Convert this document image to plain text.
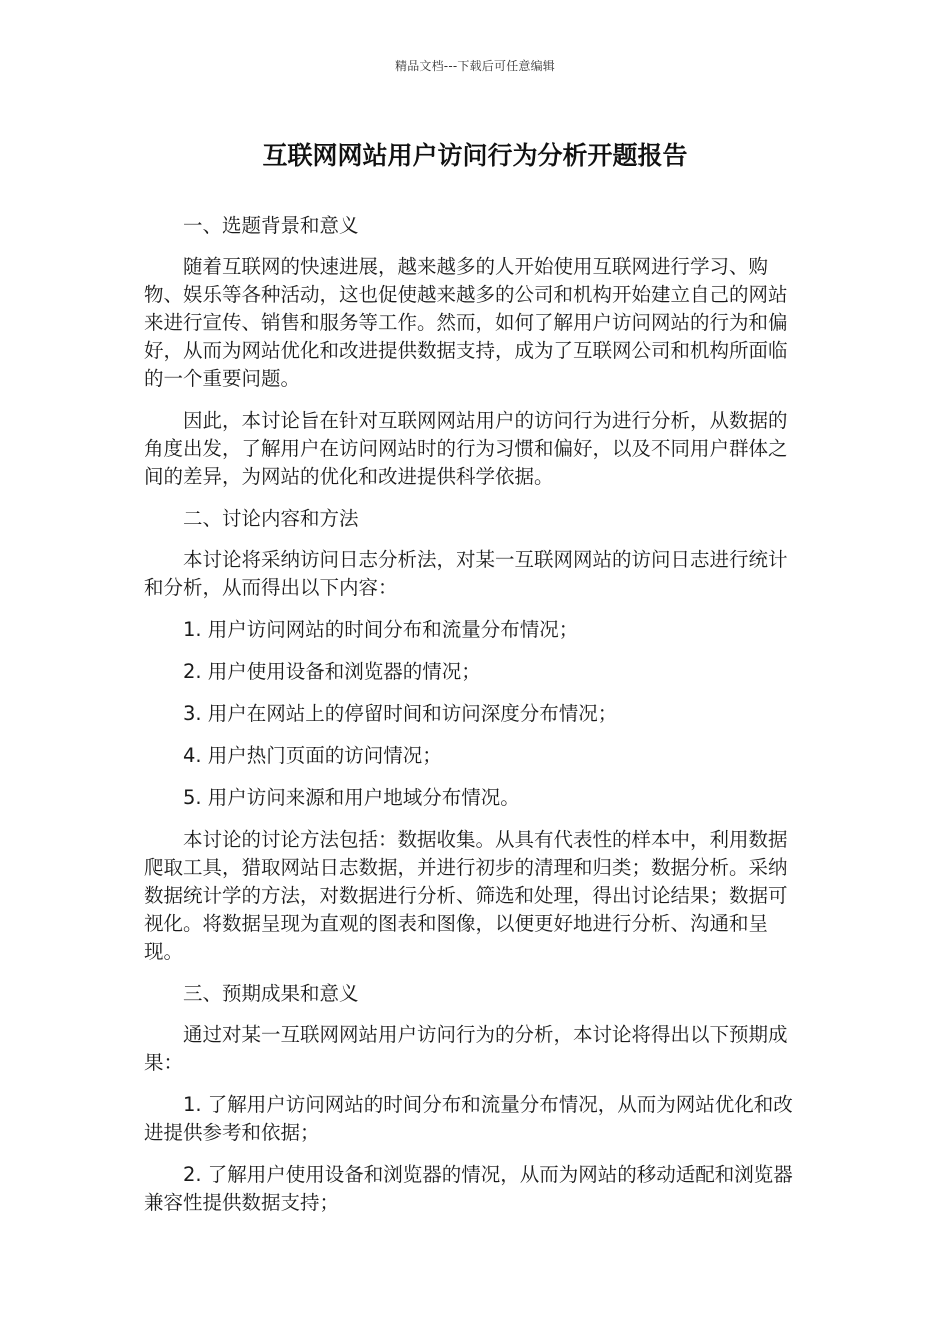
精品文档---下载后可任意编辑
互联网网站用户访问行为分析开题报告

一、选题背景和意义

随着互联网的快速进展，越来越多的人开始使用互联网进行学习、购物、娱乐等各种活动，这也促使越来越多的公司和机构开始建立自己的网站来进行宣传、销售和服务等工作。然而，如何了解用户访问网站的行为和偏好，从而为网站优化和改进提供数据支持，成为了互联网公司和机构所面临的一个重要问题。

因此，本讨论旨在针对互联网网站用户的访问行为进行分析，从数据的角度出发，了解用户在访问网站时的行为习惯和偏好，以及不同用户群体之间的差异，为网站的优化和改进提供科学依据。

二、讨论内容和方法

本讨论将采纳访问日志分析法，对某一互联网网站的访问日志进行统计和分析，从而得出以下内容：

1. 用户访问网站的时间分布和流量分布情况；

2. 用户使用设备和浏览器的情况；

3. 用户在网站上的停留时间和访问深度分布情况；

4. 用户热门页面的访问情况；

5. 用户访问来源和用户地域分布情况。

本讨论的讨论方法包括：数据收集。从具有代表性的样本中，利用数据爬取工具，猎取网站日志数据，并进行初步的清理和归类；数据分析。采纳数据统计学的方法，对数据进行分析、筛选和处理，得出讨论结果；数据可视化。将数据呈现为直观的图表和图像，以便更好地进行分析、沟通和呈现。

三、预期成果和意义

通过对某一互联网网站用户访问行为的分析，本讨论将得出以下预期成果：

1. 了解用户访问网站的时间分布和流量分布情况，从而为网站优化和改进提供参考和依据；

2. 了解用户使用设备和浏览器的情况，从而为网站的移动适配和浏览器兼容性提供数据支持；
